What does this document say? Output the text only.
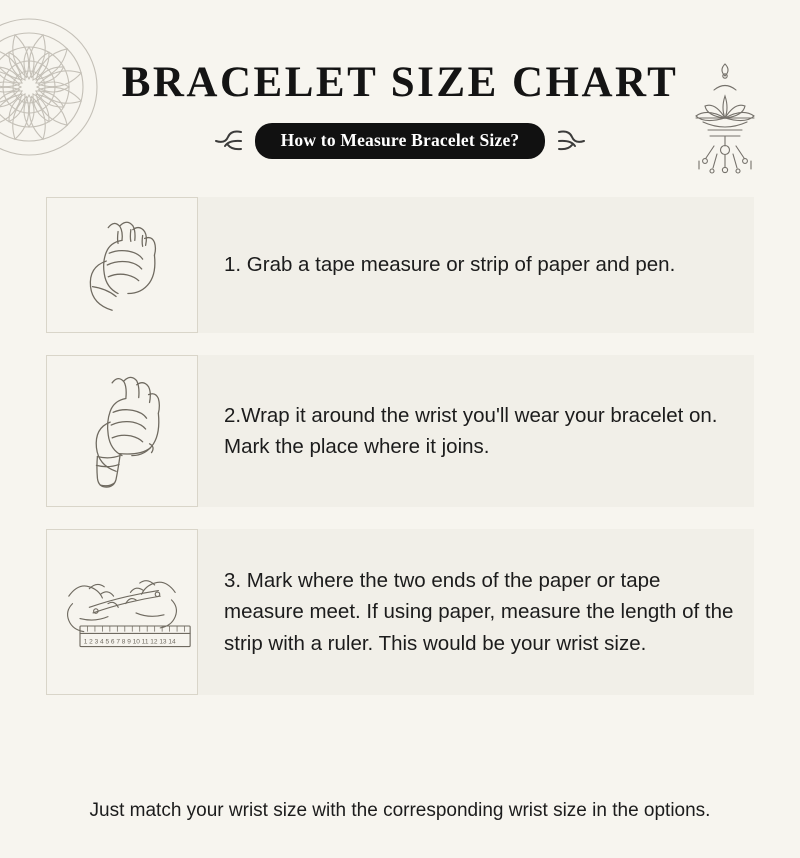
BRACELET SIZE CHART
How to Measure Bracelet Size?
1. Grab a tape measure or strip of paper and pen.
2.Wrap it around the wrist you'll wear your bracelet on. Mark the place where it joins.
1 2 3 4 5 6 7 8 9 10 11 12 13 14
3. Mark where the two ends of the paper or tape measure meet. If using paper, measure the length of the strip with a ruler. This would be your wrist size.
Just match your wrist size with the corresponding wrist size in the options.
